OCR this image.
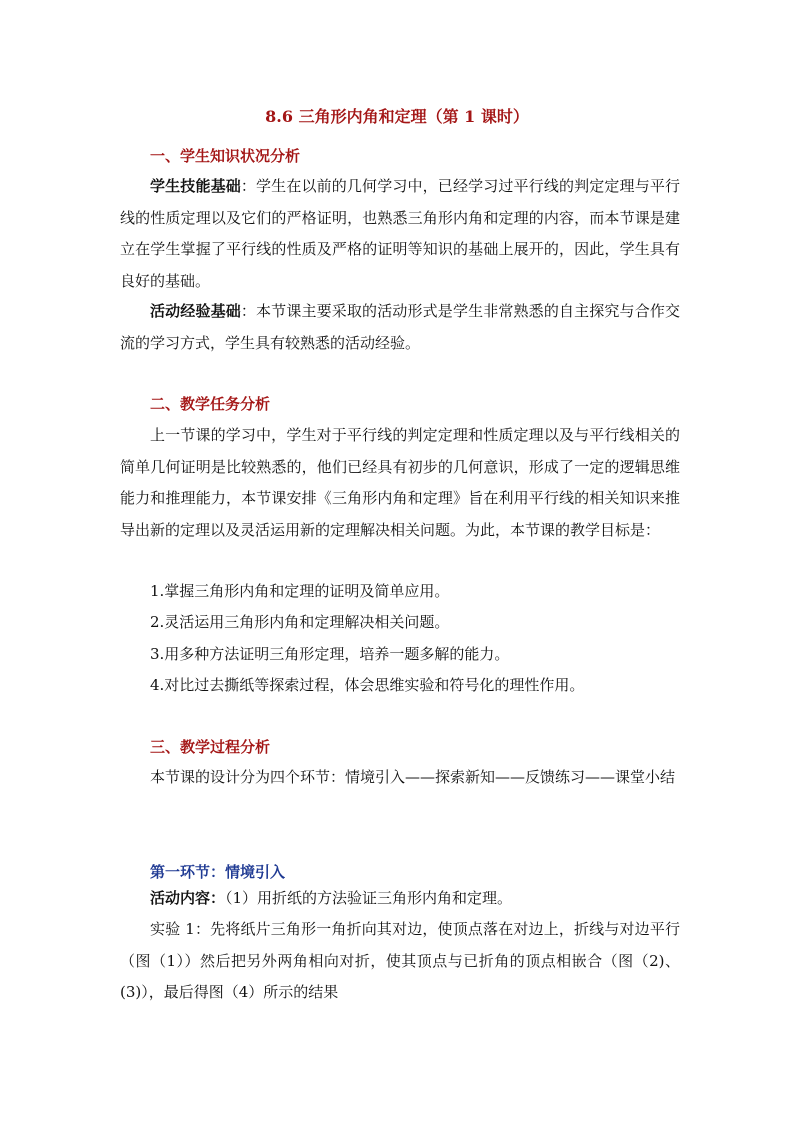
8.6 三角形内角和定理（第 1 课时）
一、学生知识状况分析
学生技能基础：学生在以前的几何学习中，已经学习过平行线的判定定理与平行线的性质定理以及它们的严格证明，也熟悉三角形内角和定理的内容，而本节课是建立在学生掌握了平行线的性质及严格的证明等知识的基础上展开的，因此，学生具有良好的基础。
活动经验基础：本节课主要采取的活动形式是学生非常熟悉的自主探究与合作交流的学习方式，学生具有较熟悉的活动经验。
二、教学任务分析
上一节课的学习中，学生对于平行线的判定定理和性质定理以及与平行线相关的简单几何证明是比较熟悉的，他们已经具有初步的几何意识，形成了一定的逻辑思维能力和推理能力，本节课安排《三角形内角和定理》旨在利用平行线的相关知识来推导出新的定理以及灵活运用新的定理解决相关问题。为此，本节课的教学目标是：
1.掌握三角形内角和定理的证明及简单应用。
2.灵活运用三角形内角和定理解决相关问题。
3.用多种方法证明三角形定理，培养一题多解的能力。
4.对比过去撕纸等探索过程，体会思维实验和符号化的理性作用。
三、教学过程分析
本节课的设计分为四个环节：情境引入——探索新知——反馈练习——课堂小结
第一环节：情境引入
活动内容：（1）用折纸的方法验证三角形内角和定理。
实验 1：先将纸片三角形一角折向其对边，使顶点落在对边上，折线与对边平行（图（1））然后把另外两角相向对折，使其顶点与已折角的顶点相嵌合（图（2)、(3)），最后得图（4）所示的结果
